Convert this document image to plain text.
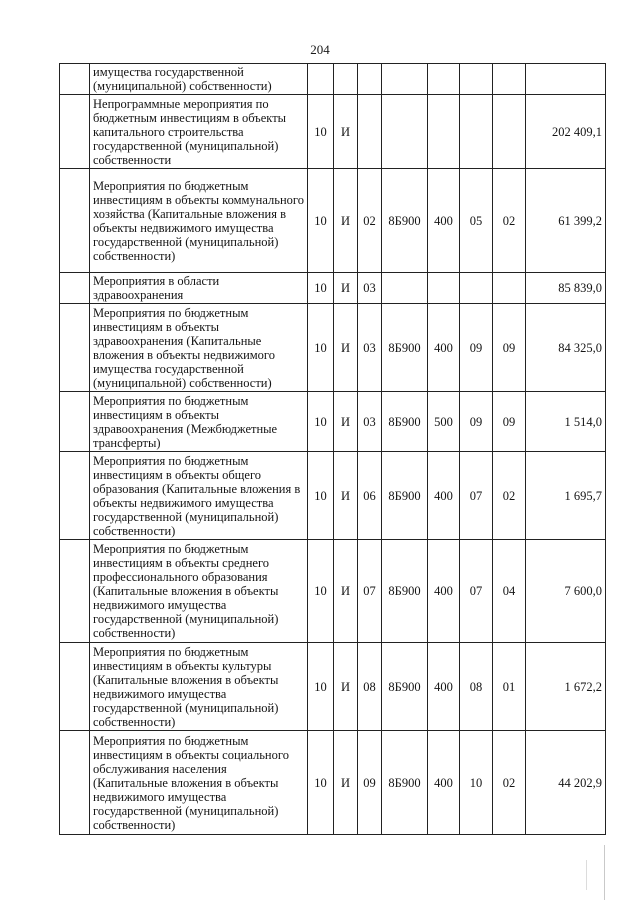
204
	имущества государственной (муниципальной) собственности)								
	Непрограммные мероприятия по бюджетным инвестициям в объекты капитального строительства государственной (муниципальной) собственности	10	И						202 409,1
	Мероприятия по бюджетным инвестициям в объекты коммунального хозяйства (Капитальные вложения в объекты недвижимого имущества государственной (муниципальной) собственности)	10	И	02	8Б900	400	05	02	61 399,2
	Мероприятия в области здравоохранения	10	И	03					85 839,0
	Мероприятия по бюджетным инвестициям в объекты здравоохранения (Капитальные вложения в объекты недвижимого имущества государственной (муниципальной) собственности)	10	И	03	8Б900	400	09	09	84 325,0
	Мероприятия по бюджетным инвестициям в объекты здравоохранения (Межбюджетные трансферты)	10	И	03	8Б900	500	09	09	1 514,0
	Мероприятия по бюджетным инвестициям в объекты общего образования (Капитальные вложения в объекты недвижимого имущества государственной (муниципальной) собственности)	10	И	06	8Б900	400	07	02	1 695,7
	Мероприятия по бюджетным инвестициям в объекты среднего профессионального образования (Капитальные вложения в объекты недвижимого имущества государственной (муниципальной) собственности)	10	И	07	8Б900	400	07	04	7 600,0
	Мероприятия по бюджетным инвестициям в объекты культуры (Капитальные вложения в объекты недвижимого имущества государственной (муниципальной) собственности)	10	И	08	8Б900	400	08	01	1 672,2
	Мероприятия по бюджетным инвестициям в объекты социального обслуживания населения (Капитальные вложения в объекты недвижимого имущества государственной (муниципальной) собственности)	10	И	09	8Б900	400	10	02	44 202,9
